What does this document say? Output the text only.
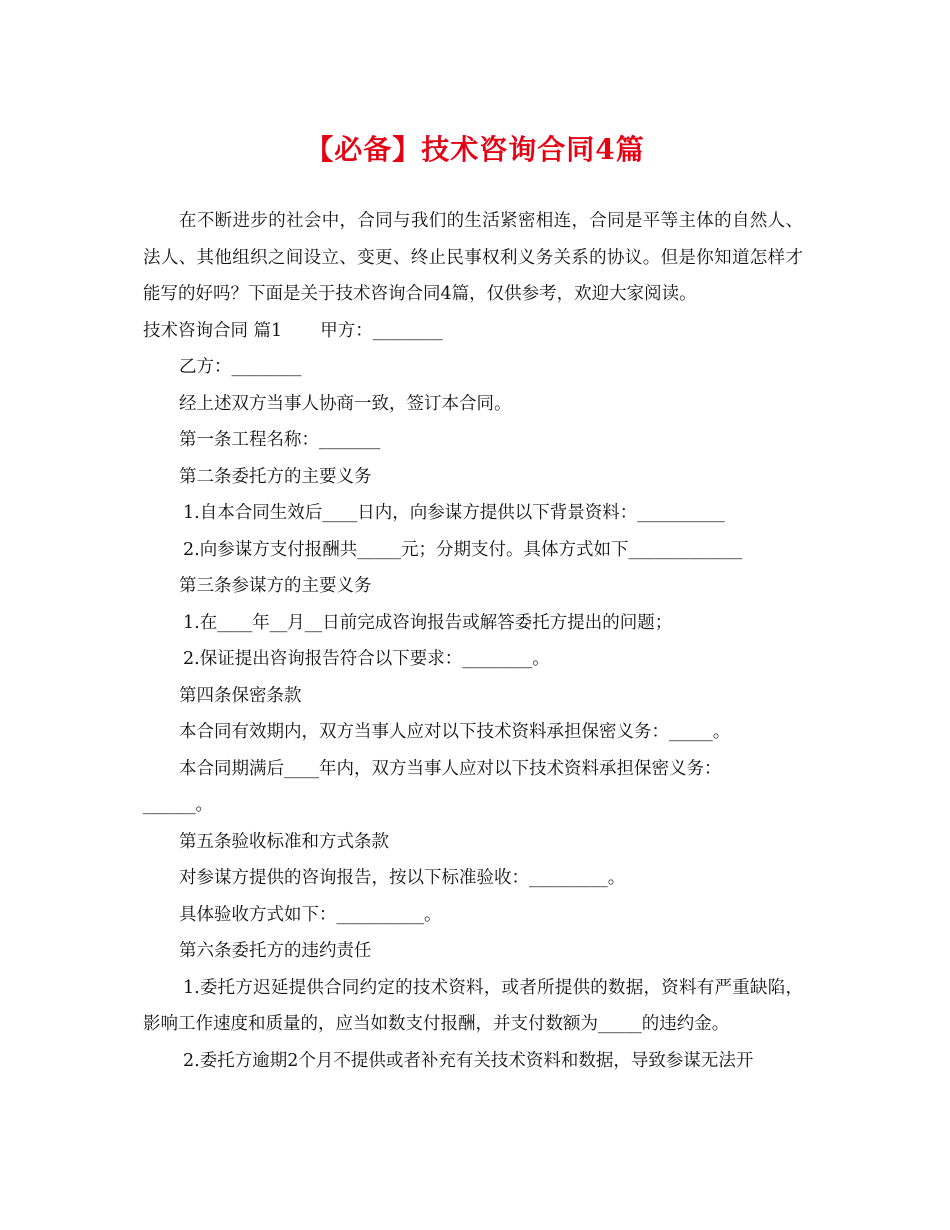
【必备】技术咨询合同4篇

在不断进步的社会中，合同与我们的生活紧密相连，合同是平等主体的自然人、法人、其他组织之间设立、变更、终止民事权利义务关系的协议。但是你知道怎样才能写的好吗？下面是关于技术咨询合同4篇，仅供参考，欢迎大家阅读。

技术咨询合同 篇1 甲方：________

乙方：________

经上述双方当事人协商一致，签订本合同。

第一条工程名称：_______

第二条委托方的主要义务

1.自本合同生效后____日内，向参谋方提供以下背景资料：__________

2.向参谋方支付报酬共_____元；分期支付。具体方式如下_____________

第三条参谋方的主要义务

1.在____年__月__日前完成咨询报告或解答委托方提出的问题；

2.保证提出咨询报告符合以下要求：________。

第四条保密条款

本合同有效期内，双方当事人应对以下技术资料承担保密义务：_____。

本合同期满后____年内，双方当事人应对以下技术资料承担保密义务：

______。

第五条验收标准和方式条款

对参谋方提供的咨询报告，按以下标准验收：_________。

具体验收方式如下：__________。

第六条委托方的违约责任

1.委托方迟延提供合同约定的技术资料，或者所提供的数据，资料有严重缺陷，影响工作速度和质量的，应当如数支付报酬，并支付数额为_____的违约金。

2.委托方逾期2个月不提供或者补充有关技术资料和数据，导致参谋无法开
